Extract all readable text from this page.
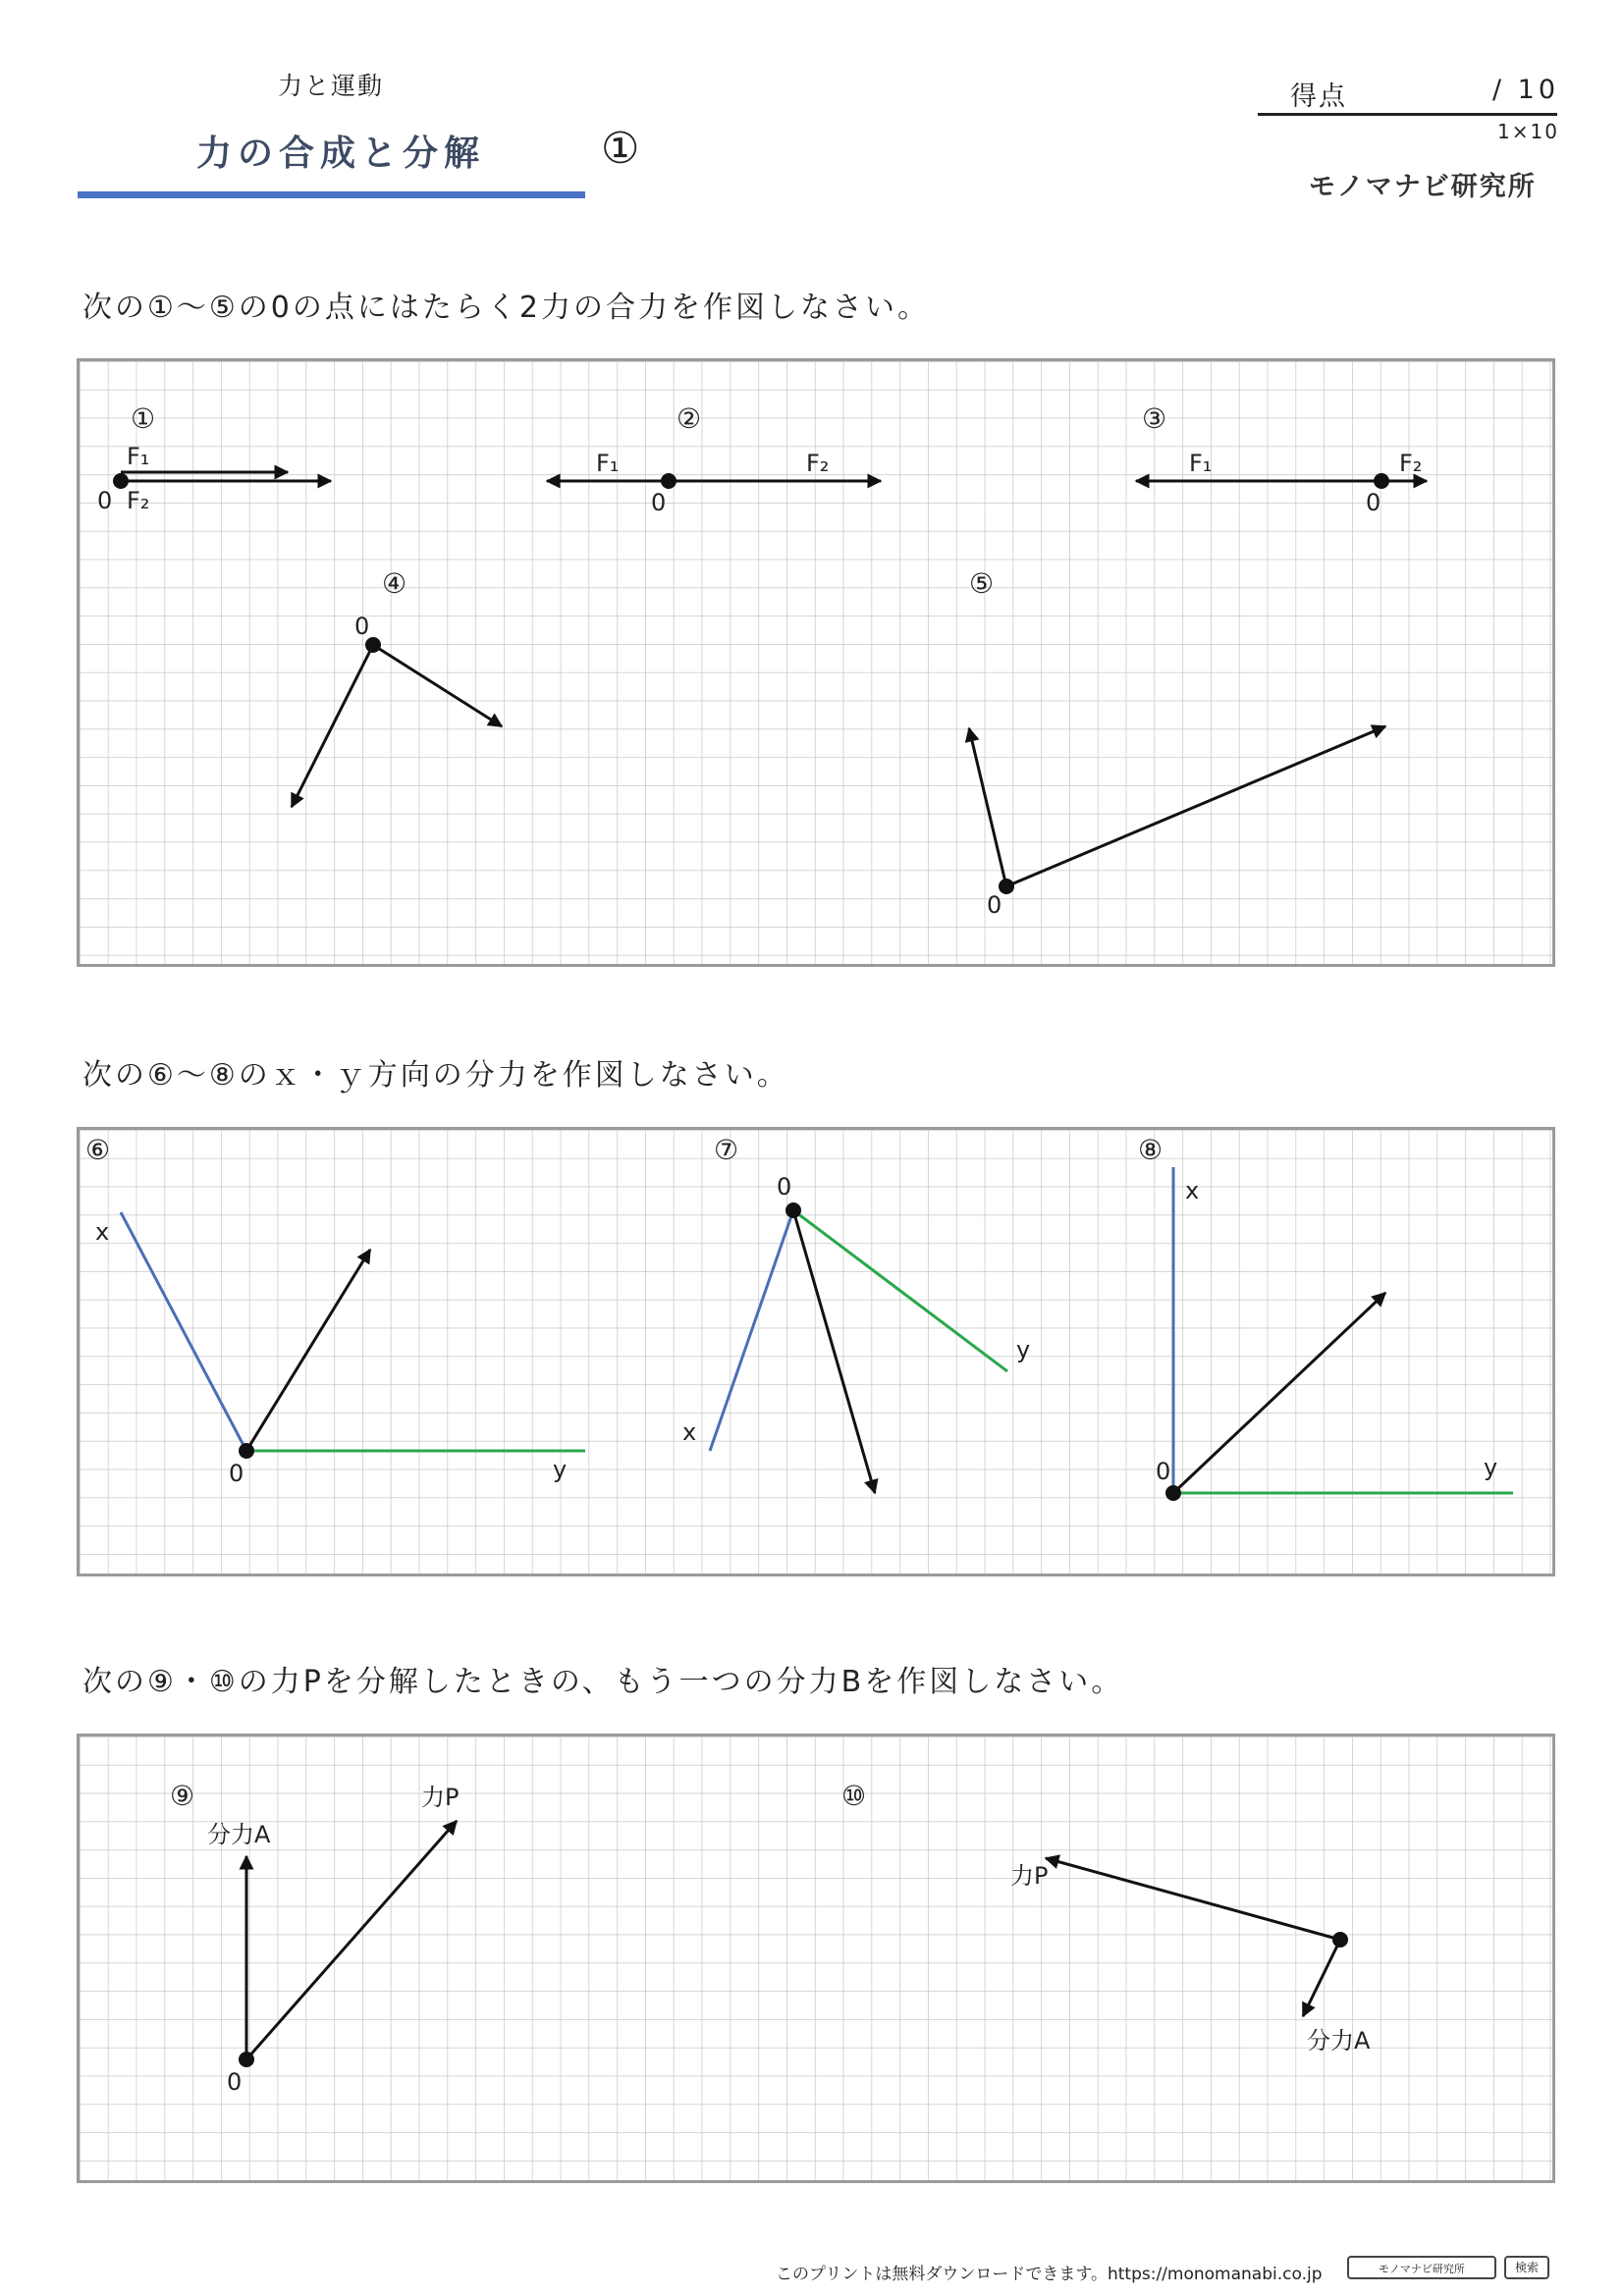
力と運動
力の合成と分解	①
得点	/ 10
1×10
モノマナビ研究所
次の①～⑤の0の点にはたらく2力の合力を作図しなさい。
①
F₁
F₂
0
②
F₁	F₂
0
③
F₁	F₂
0
④
0
⑤
0
次の⑥～⑧のｘ・ｙ方向の分力を作図しなさい。
⑥
x
y
0
⑦
x
y
0
⑧
x
y
0
次の⑨・⑩の力Pを分解したときの、もう一つの分力Bを作図しなさい。
⑨
分力A
力P
0
⑩
力P
分力A
このプリントは無料ダウンロードできます。https://monomanabi.co.jp	モノマナビ研究所	検索
